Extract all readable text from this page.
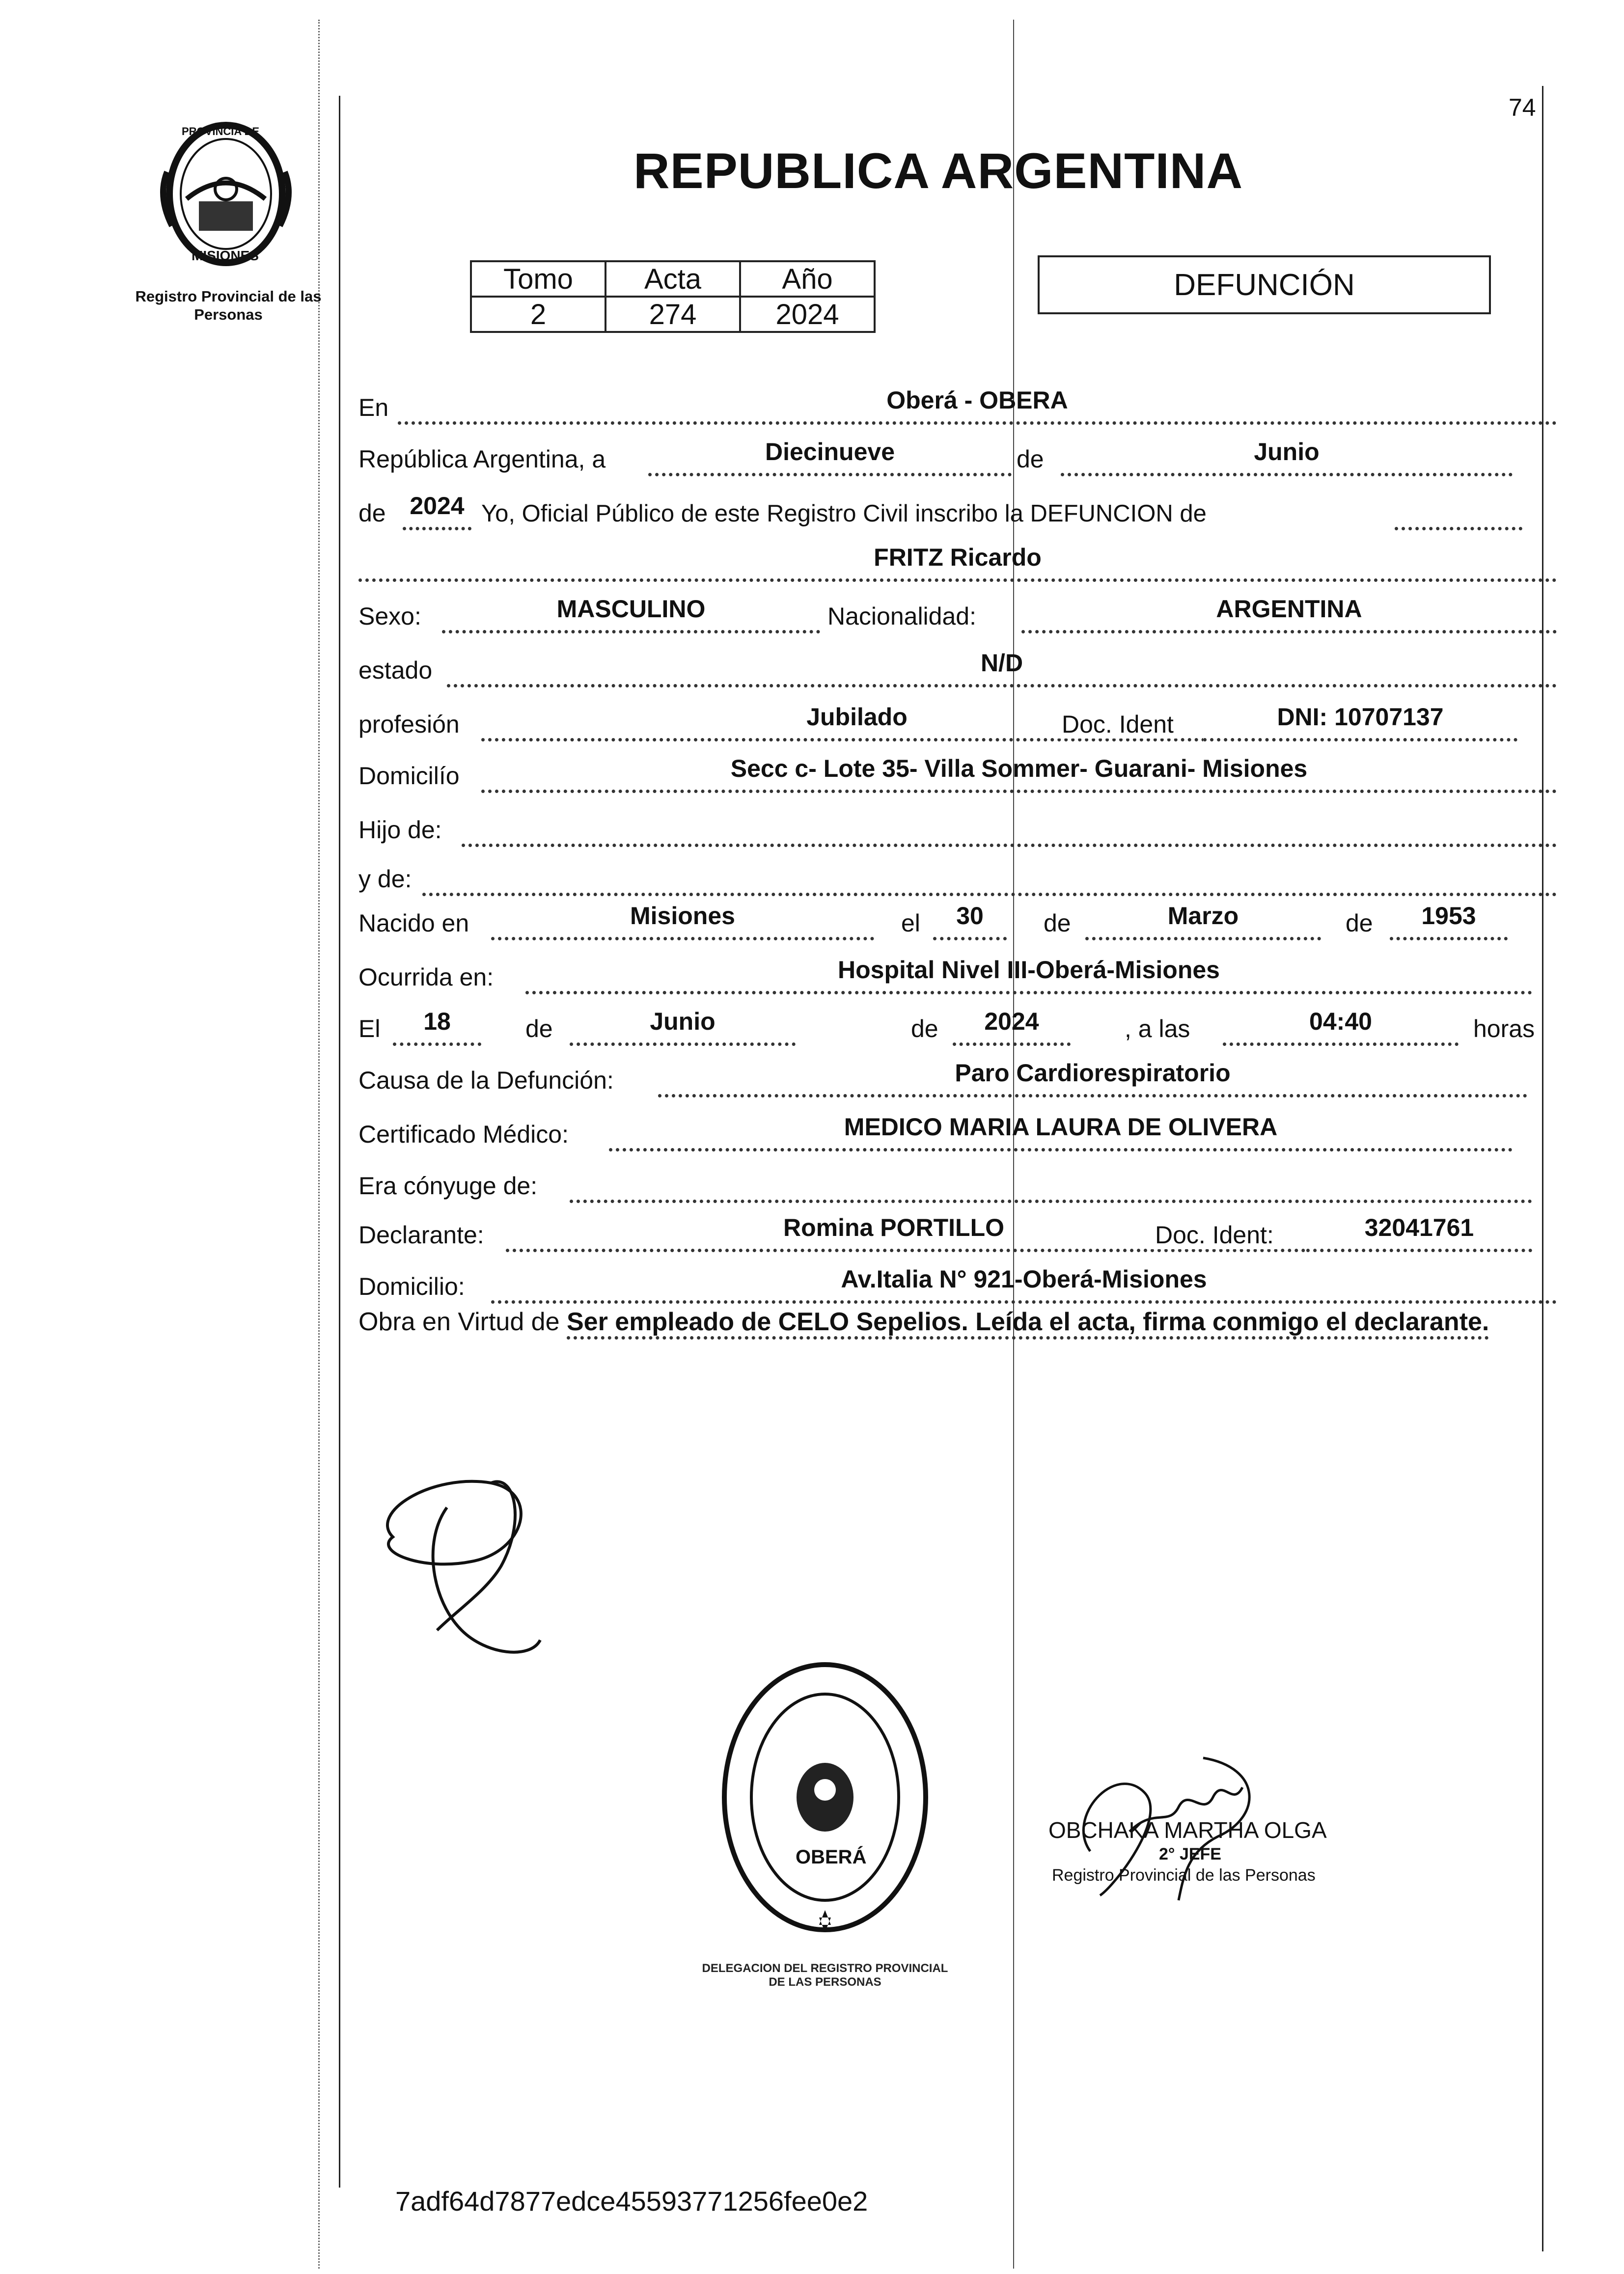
PROVINCIA DE
MISIONES
Registro Provincial de las Personas
REPUBLICA ARGENTINA
74
Tomo	Acta	Año
2	274	2024
DEFUNCIÓN
En	Oberá - OBERA
República Argentina, a	Diecinueve	de	Junio
de 2024 Yo, Oficial Público de este Registro Civil inscribo la DEFUNCION de
FRITZ Ricardo
Sexo:	MASCULINO	Nacionalidad:	ARGENTINA
estado	N/D
profesión	Jubilado	Doc. Ident	DNI: 10707137
Domicilío	Secc c- Lote 35- Villa Sommer- Guarani- Misiones
Hijo de:
y de:
Nacido en	Misiones	el	30	de	Marzo	de	1953
Ocurrida en:	Hospital Nivel III-Oberá-Misiones
El	18	de	Junio	de	2024	, a las	04:40	horas
Causa de la Defunción:	Paro Cardiorespiratorio
Certificado Médico:	MEDICO MARIA LAURA DE OLIVERA
Era cónyuge de:
Declarante:	Romina PORTILLO	Doc. Ident:	32041761
Domicilio:	Av.Italia N° 921-Oberá-Misiones
Obra en Virtud de Ser empleado de CELO Sepelios. Leída el acta, firma conmigo el declarante.
DELEGACION DEL REGISTRO PROVINCIAL DE LAS PERSONAS
OBERÁ
OBCHAKA MARTHA OLGA
2° JEFE
Registro Provincial de las Personas
7adf64d7877edce45593771256fee0e2
